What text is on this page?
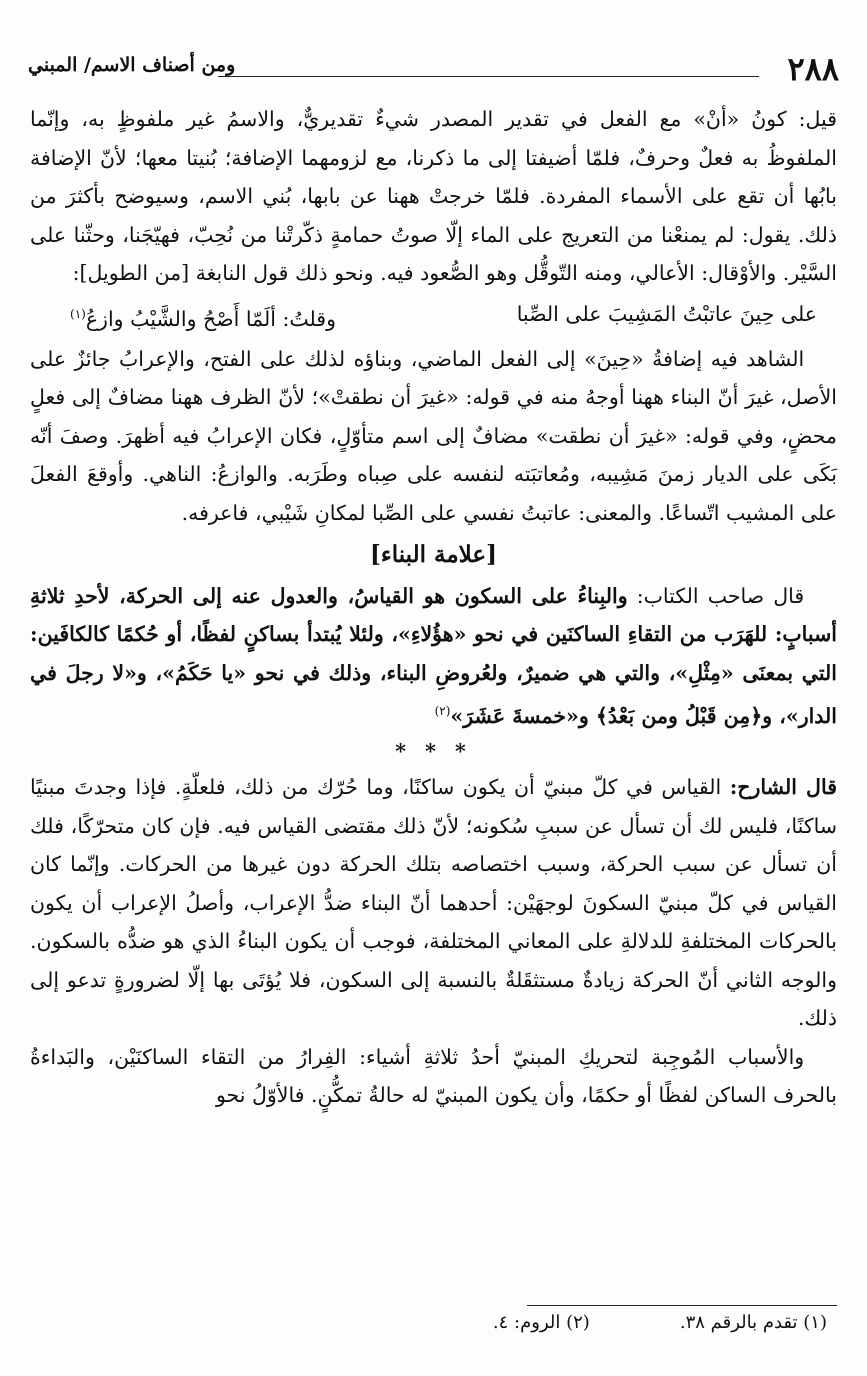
٢٨٨
ومن أصناف الاسم/ المبني

قيل: كونُ «أنْ» مع الفعل في تقدير المصدر شيءٌ تقديريٌّ، والاسمُ غير ملفوظٍ به، وإنّما الملفوظُ به فعلٌ وحرفٌ، فلمّا أضيفتا إلى ما ذكرنا، مع لزومهما الإضافة؛ بُنيتا معها؛ لأنّ الإضافة بابُها أن تقع على الأسماء المفردة. فلمّا خرجتْ ههنا عن بابها، بُني الاسم، وسيوضح بأكثرَ من ذلك. يقول: لم يمنعْنا من التعريج على الماء إلّا صوتُ حمامةٍ ذكّرتْنا من نُحِبّ، فهيّجَنا، وحثّنا على السَّيْر. والأوْقال: الأعالي، ومنه التّوقُّل وهو الصُّعود فيه. ونحو ذلك قول النابغة [من الطويل]:

على حِينَ عاتبْتُ المَشِيبَ على الصِّبا
وقلتُ: ألَمّا أَصْحُ والشَّيْبُ وازعُ$^{(١)}$

الشاهد فيه إضافةُ «حِينَ» إلى الفعل الماضي، وبناؤه لذلك على الفتح، والإعرابُ جائزٌ على الأصل، غيرَ أنّ البناء ههنا أوجهُ منه في قوله: «غيرَ أن نطقتْ»؛ لأنّ الظرف ههنا مضافٌ إلى فعلٍ محضٍ، وفي قوله: «غيرَ أن نطقت» مضافٌ إلى اسم متأوّلٍ، فكان الإعرابُ فيه أظهرَ. وصفَ أنّه بَكَى على الديار زمنَ مَشِيبه، ومُعاتبَته لنفسه على صِباه وطَرَبه. والوازعُ: الناهي. وأوقعَ الفعلَ على المشيب اتّساعًا. والمعنى: عاتبتُ نفسي على الصِّبا لمكانِ شَيْبي، فاعرفه.

[علامة البناء]

قال صاحب الكتاب: والبِناءُ على السكون هو القياسُ، والعدول عنه إلى الحركة، لأحدِ ثلاثةِ أسبابٍ: للهَرَب من التقاءِ الساكنَين في نحو «هؤُلاءِ»، ولئلا يُبتدأ بساكنٍ لفظًا، أو حُكمًا كالكافَين: التي بمعنَى «مِثْلِ»، والتي هي ضميرٌ، ولعُروضِ البناء، وذلك في نحو «يا حَكَمُ»، و«لا رجلَ في الدار»، و﴿مِن قَبْلُ ومن بَعْدُ﴾ و«خمسةَ عَشَرَ»$^{(٢)}$

* * *

قال الشارح: القياس في كلّ مبنيّ أن يكون ساكنًا، وما حُرّك من ذلك، فلعلّةٍ. فإذا وجدتَ مبنيًا ساكنًا، فليس لك أن تسأل عن سببِ سُكونه؛ لأنّ ذلك مقتضى القياس فيه. فإن كان متحرّكًا، فلك أن تسأل عن سبب الحركة، وسبب اختصاصه بتلك الحركة دون غيرها من الحركات. وإنّما كان القياس في كلّ مبنيّ السكونَ لوجهَيْن: أحدهما أنّ البناء ضدُّ الإعراب، وأصلُ الإعراب أن يكون بالحركات المختلفةِ للدلالةِ على المعاني المختلفة، فوجب أن يكون البناءُ الذي هو ضدُّه بالسكون. والوجه الثاني أنّ الحركة زيادةٌ مستثقَلةٌ بالنسبة إلى السكون، فلا يُؤتَى بها إلّا لضرورةٍ تدعو إلى ذلك.

والأسباب المُوجِبة لتحريكِ المبنيّ أحدُ ثلاثةِ أشياء: الفِرارُ من التقاء الساكنَيْن، والبَداءةُ بالحرف الساكن لفظًا أو حكمًا، وأن يكون المبنيّ له حالةُ تمكُّنٍ. فالأوّلُ نحو

(١) تقدم بالرقم ٣٨.
(٢) الروم: ٤.
